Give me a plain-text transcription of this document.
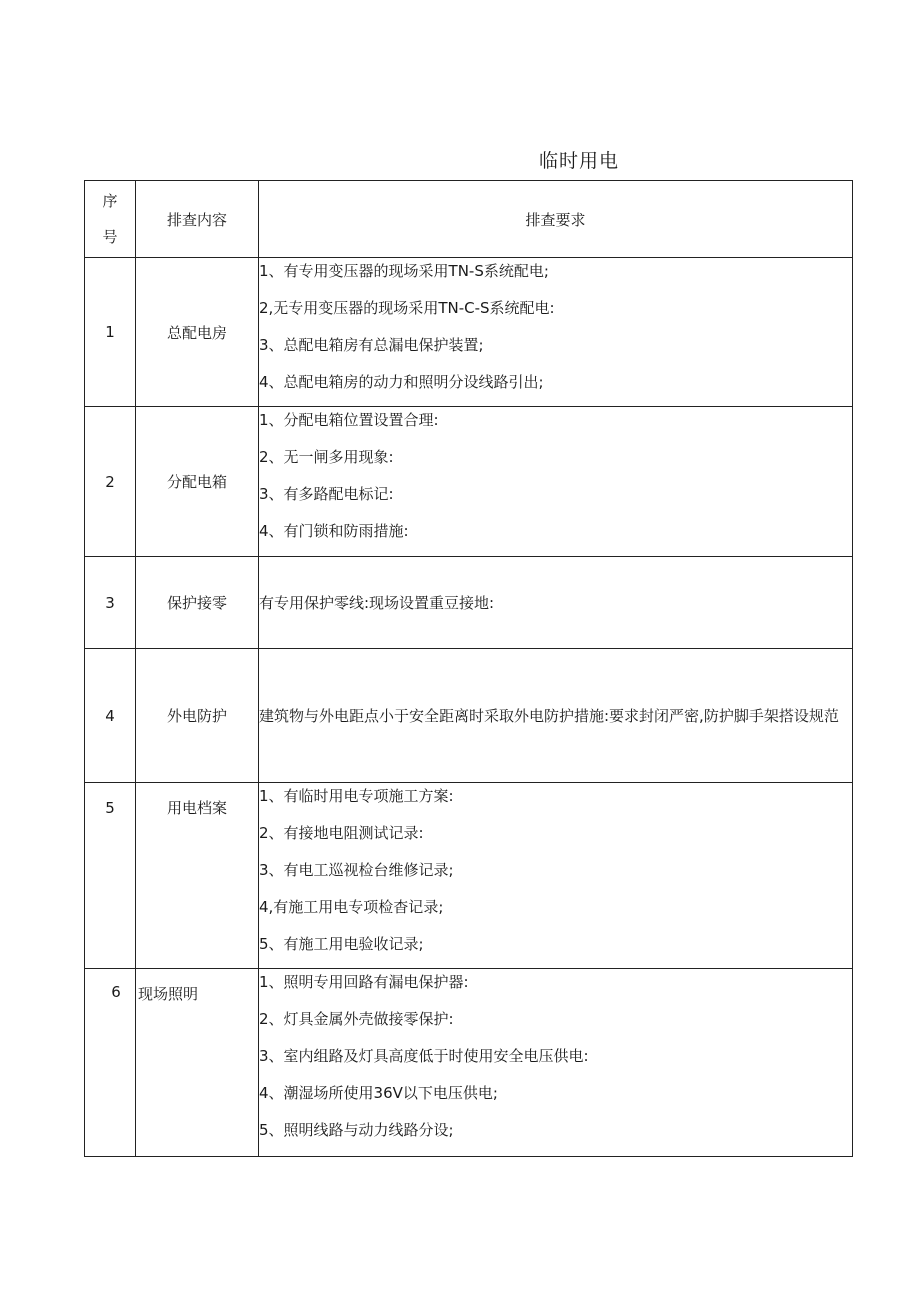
临时用电
序
号	排查内容	排查要求
1	总配电房	1、有专用变压器的现场采用TN-S系统配电;
2,无专用变压器的现场采用TN-C-S系统配电:
3、总配电箱房有总漏电保护装置;
4、总配电箱房的动力和照明分设线路引出;

2	分配电箱	1、分配电箱位置设置合理:
2、无一闸多用现象:
3、有多路配电标记:
4、有门锁和防雨措施:

3	保护接零	有专用保护零线:现场设置重豆接地:
4	外电防护	建筑物与外电距点小于安全距离时采取外电防护措施:要求封闭严密,防护脚手架搭设规范

5	用电档案	1、有临时用电专项施工方案:
2、有接地电阻测试记录:
3、有电工巡视检台维修记录;
4,有施工用电专项检杳记录;
5、有施工用电验收记录;

6	现场照明	1、照明专用回路有漏电保护器:
2、灯具金属外壳做接零保护:
3、室内组路及灯具高度低于时使用安全电压供电:
4、潮湿场所使用36V以下电压供电;
5、照明线路与动力线路分设;
